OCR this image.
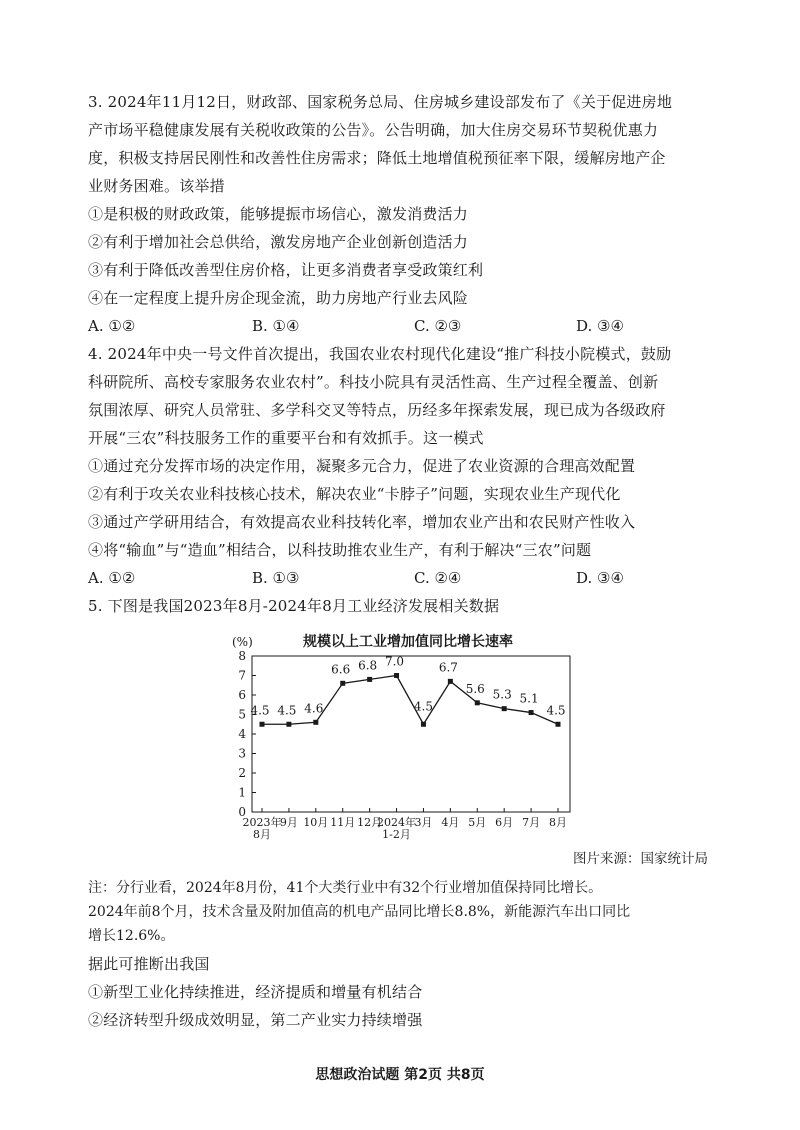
3. 2024年11月12日，财政部、国家税务总局、住房城乡建设部发布了《关于促进房地
产市场平稳健康发展有关税收政策的公告》。公告明确，加大住房交易环节契税优惠力
度，积极支持居民刚性和改善性住房需求；降低土地增值税预征率下限，缓解房地产企
业财务困难。该举措
①是积极的财政政策，能够提振市场信心，激发消费活力
②有利于增加社会总供给，激发房地产企业创新创造活力
③有利于降低改善型住房价格，让更多消费者享受政策红利
④在一定程度上提升房企现金流，助力房地产行业去风险
A. ①②	B. ①④	C. ②③	D. ③④
4. 2024年中央一号文件首次提出，我国农业农村现代化建设“推广科技小院模式，鼓励
科研院所、高校专家服务农业农村”。科技小院具有灵活性高、生产过程全覆盖、创新
氛围浓厚、研究人员常驻、多学科交叉等特点，历经多年探索发展，现已成为各级政府
开展“三农”科技服务工作的重要平台和有效抓手。这一模式
①通过充分发挥市场的决定作用，凝聚多元合力，促进了农业资源的合理高效配置
②有利于攻关农业科技核心技术，解决农业“卡脖子”问题，实现农业生产现代化
③通过产学研用结合，有效提高农业科技转化率，增加农业产出和农民财产性收入
④将“输血”与“造血”相结合，以科技助推农业生产，有利于解决“三农”问题
A. ①②	B. ①③	C. ②④	D. ③④
5. 下图是我国2023年8月-2024年8月工业经济发展相关数据
规模以上工业增加值同比增长速率
(%)
0
1
2
3
4
5
6
7
8
2023年
8月
9月 10月 11月 12月
2024年
1-2月
3月 4月 5月 6月 7月 8月
4.5 4.5 4.6
6.6 6.8 7.0
4.5
6.7
5.6 5.3 5.1
4.5
图片来源：国家统计局
注：分行业看，2024年8月份，41个大类行业中有32个行业增加值保持同比增长。
2024年前8个月，技术含量及附加值高的机电产品同比增长8.8%，新能源汽车出口同比
增长12.6%。
据此可推断出我国
①新型工业化持续推进，经济提质和增量有机结合
②经济转型升级成效明显，第二产业实力持续增强
思想政治试题 第2页 共8页
